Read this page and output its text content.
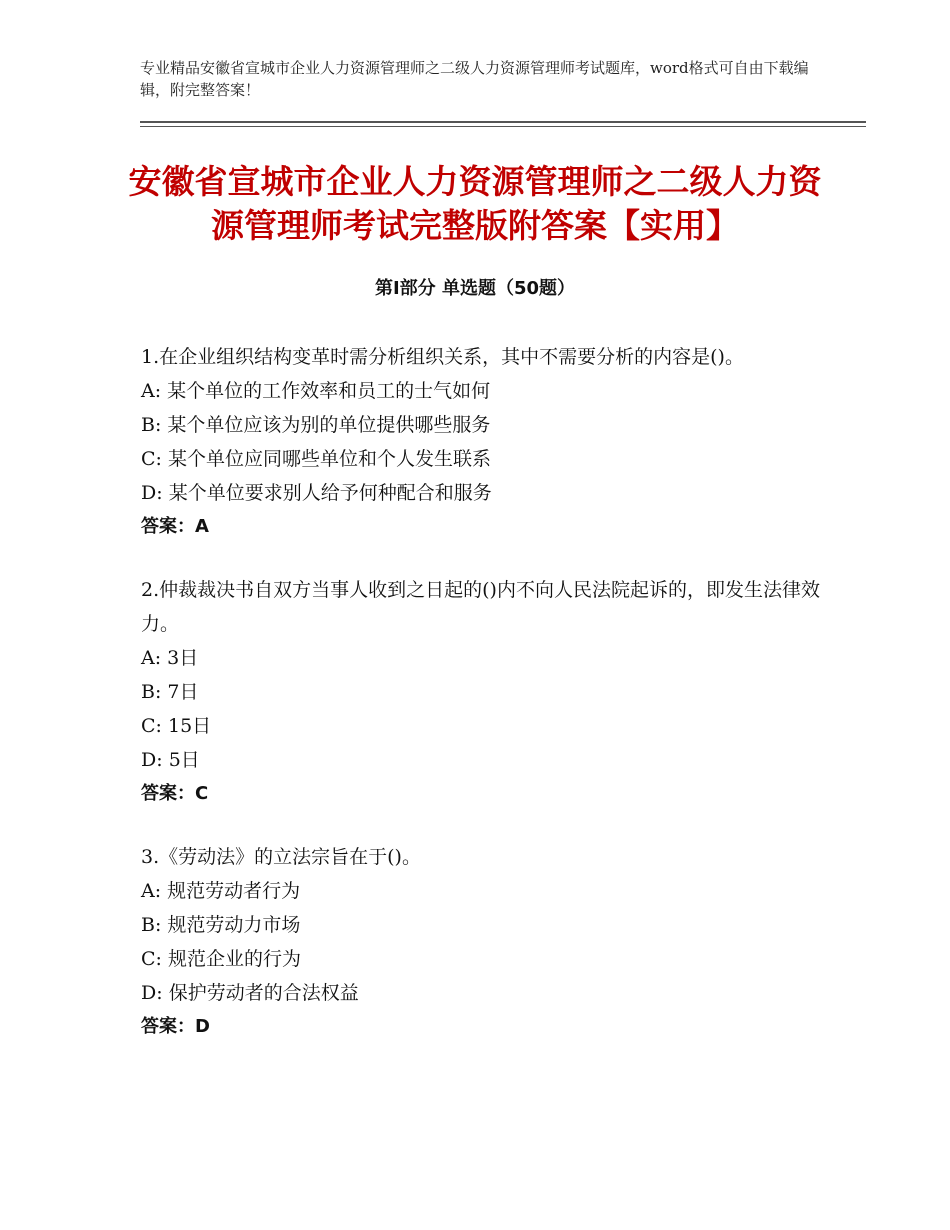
专业精品安徽省宣城市企业人力资源管理师之二级人力资源管理师考试题库，word格式可自由下载编辑，附完整答案！
安徽省宣城市企业人力资源管理师之二级人力资源管理师考试完整版附答案【实用】
第Ⅰ部分 单选题（50题）

1.在企业组织结构变革时需分析组织关系，其中不需要分析的内容是()。

A:
某个单位的工作效率和员工的士气如何
B:
某个单位应该为别的单位提供哪些服务
C:
某个单位应同哪些单位和个人发生联系
D:
某个单位要求别人给予何种配合和服务
答案：A

2.仲裁裁决书自双方当事人收到之日起的()内不向人民法院起诉的，即发生法律效力。

A:
3日
B:
7日
C:
15日
D:
5日
答案：C

3.《劳动法》的立法宗旨在于()。

A:
规范劳动者行为
B:
规范劳动力市场
C:
规范企业的行为
D:
保护劳动者的合法权益
答案：D
